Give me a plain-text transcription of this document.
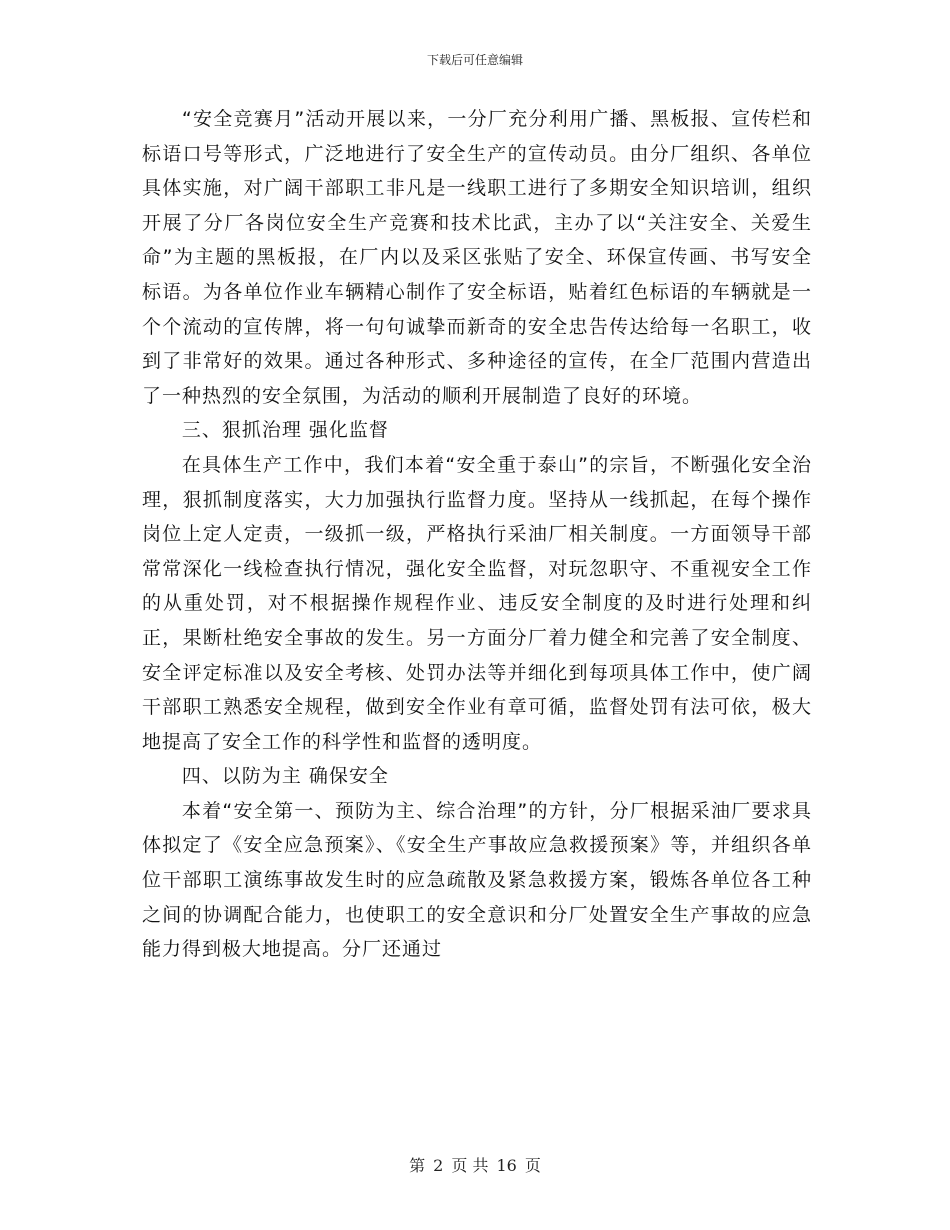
下载后可任意编辑

“安全竞赛月”活动开展以来，一分厂充分利用广播、黑板报、宣传栏和标语口号等形式，广泛地进行了安全生产的宣传动员。由分厂组织、各单位具体实施，对广阔干部职工非凡是一线职工进行了多期安全知识培训，组织开展了分厂各岗位安全生产竞赛和技术比武，主办了以“关注安全、关爱生命”为主题的黑板报，在厂内以及采区张贴了安全、环保宣传画、书写安全标语。为各单位作业车辆精心制作了安全标语，贴着红色标语的车辆就是一个个流动的宣传牌，将一句句诚挚而新奇的安全忠告传达给每一名职工，收到了非常好的效果。通过各种形式、多种途径的宣传，在全厂范围内营造出了一种热烈的安全氛围，为活动的顺利开展制造了良好的环境。

三、狠抓治理 强化监督

在具体生产工作中，我们本着“安全重于泰山”的宗旨，不断强化安全治理，狠抓制度落实，大力加强执行监督力度。坚持从一线抓起，在每个操作岗位上定人定责，一级抓一级，严格执行采油厂相关制度。一方面领导干部常常深化一线检查执行情况，强化安全监督，对玩忽职守、不重视安全工作的从重处罚，对不根据操作规程作业、违反安全制度的及时进行处理和纠正，果断杜绝安全事故的发生。另一方面分厂着力健全和完善了安全制度、安全评定标准以及安全考核、处罚办法等并细化到每项具体工作中，使广阔干部职工熟悉安全规程，做到安全作业有章可循，监督处罚有法可依，极大地提高了安全工作的科学性和监督的透明度。

四、以防为主 确保安全

本着“安全第一、预防为主、综合治理”的方针，分厂根据采油厂要求具体拟定了《安全应急预案》、《安全生产事故应急救援预案》等，并组织各单位干部职工演练事故发生时的应急疏散及紧急救援方案，锻炼各单位各工种之间的协调配合能力，也使职工的安全意识和分厂处置安全生产事故的应急能力得到极大地提高。分厂还通过

第 2 页 共 16 页
